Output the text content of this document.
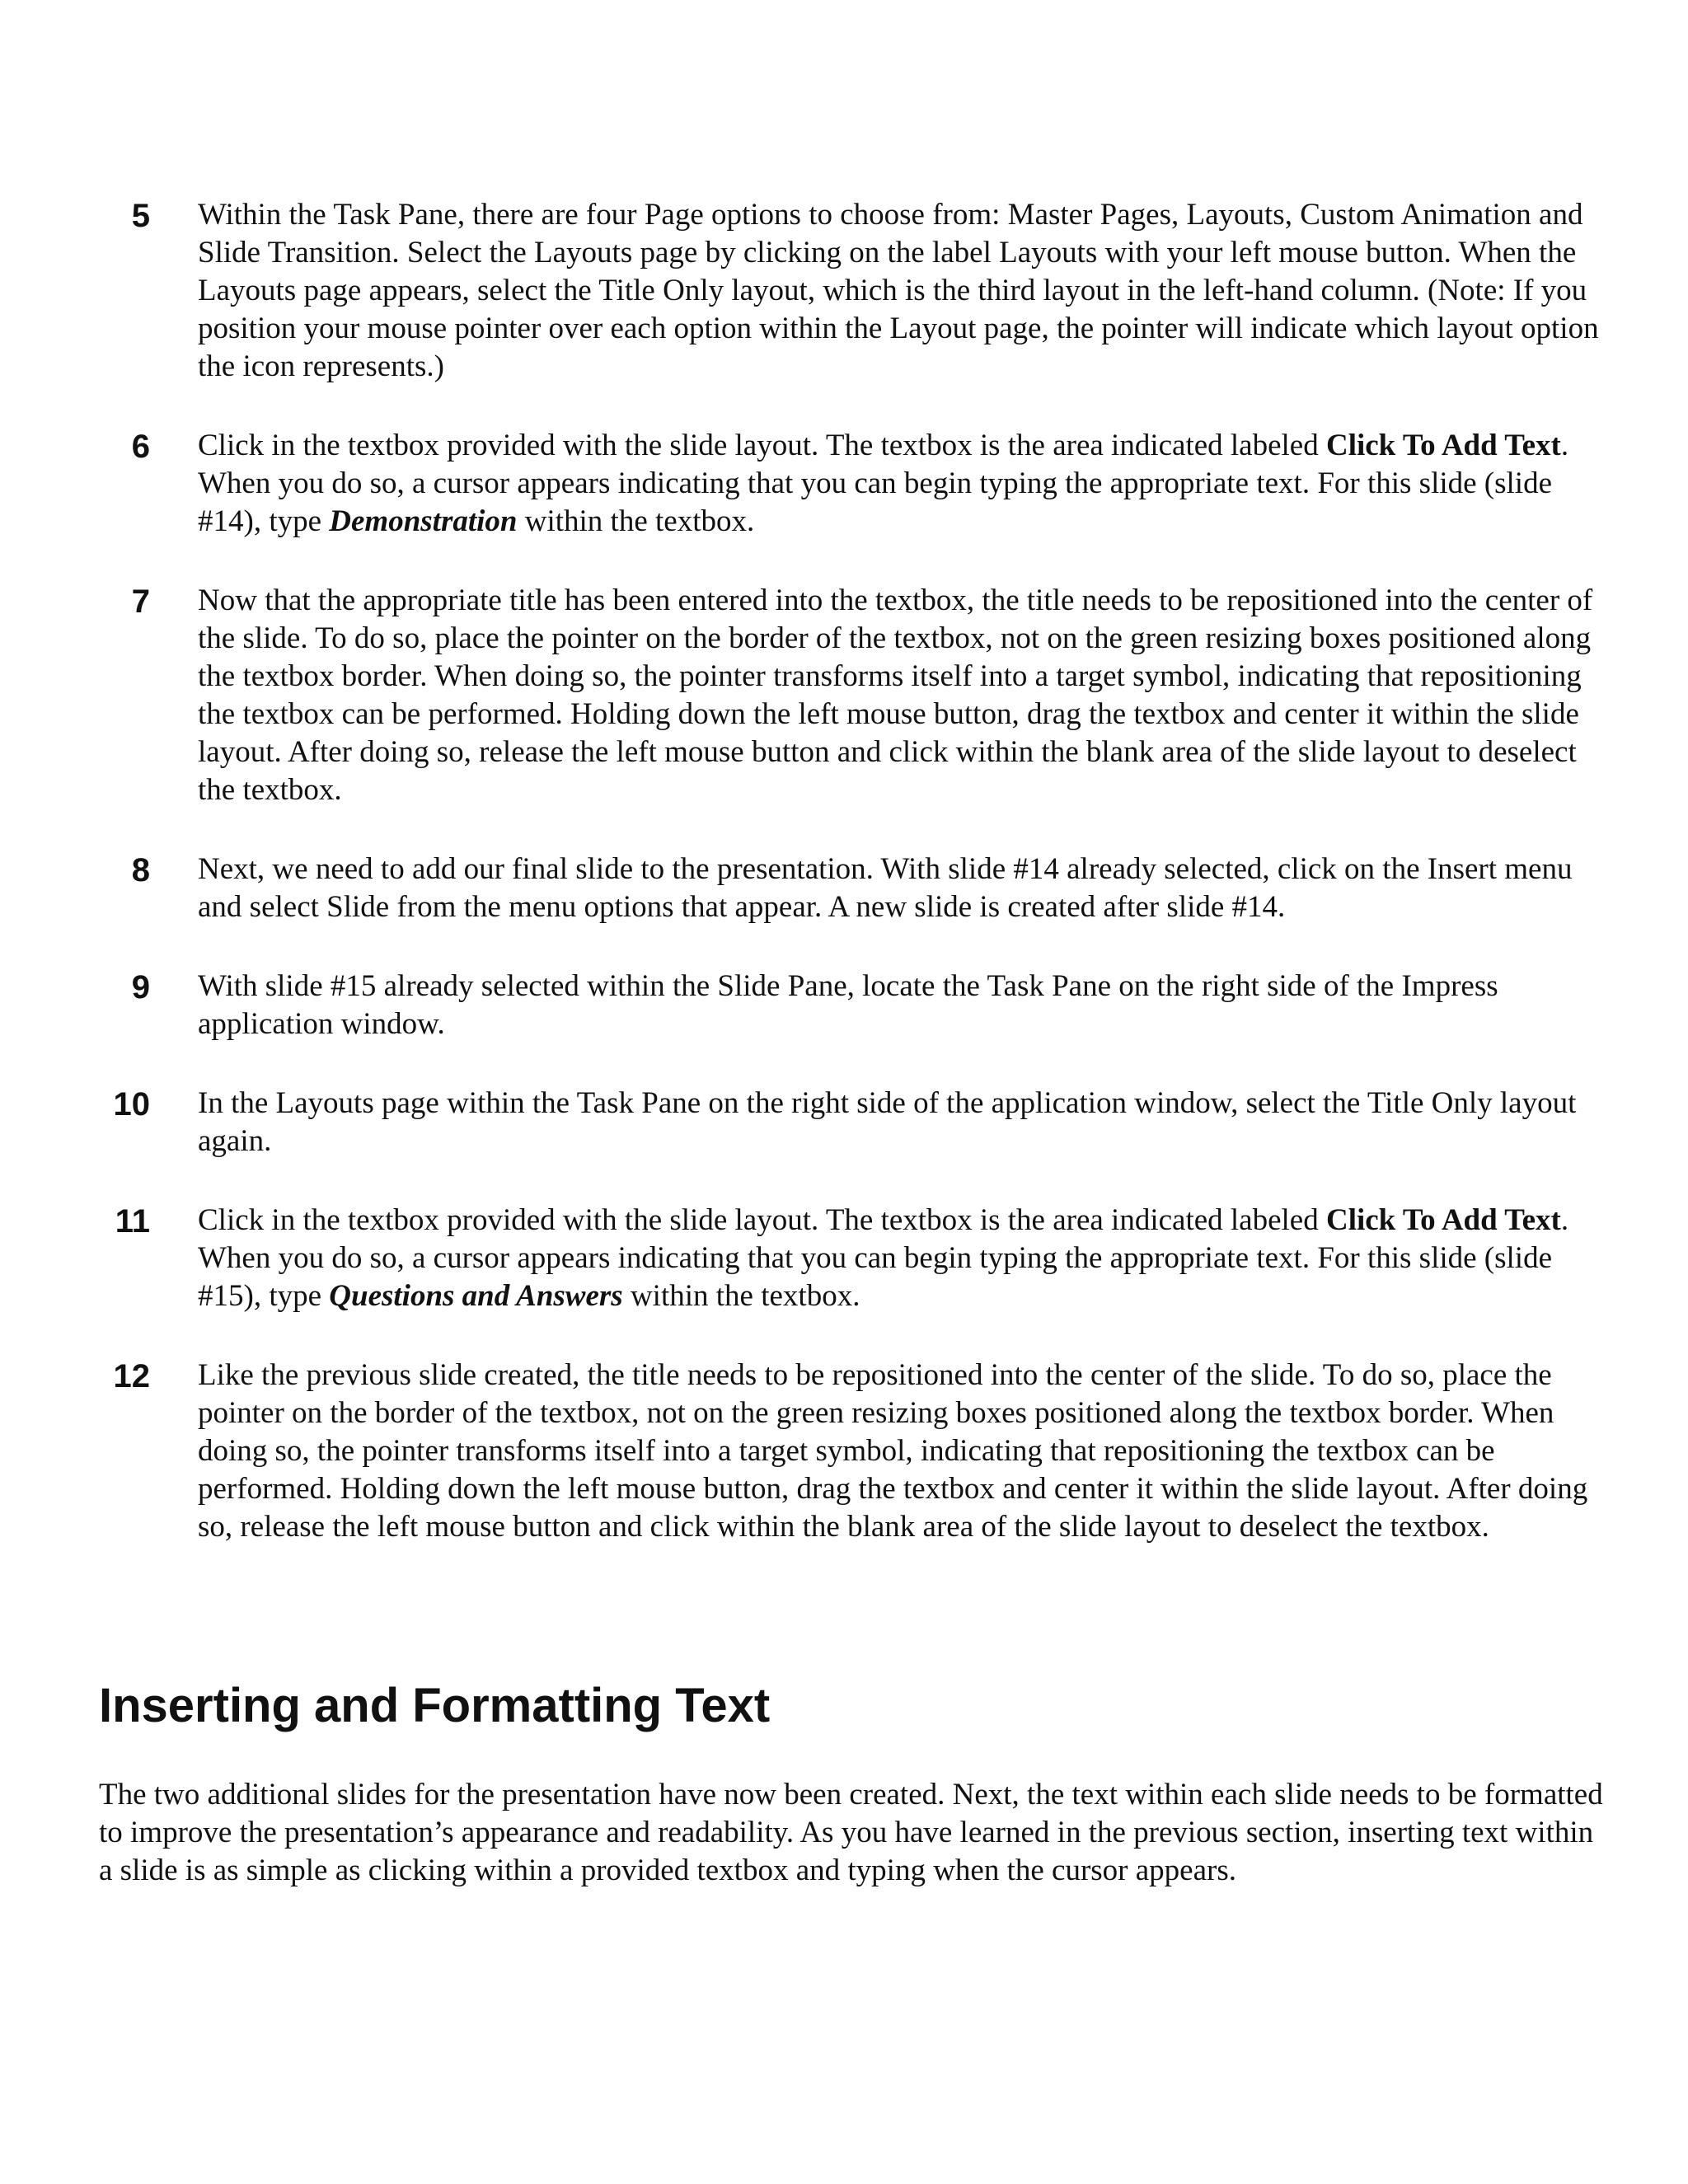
5 Within the Task Pane, there are four Page options to choose from: Master Pages, Layouts, Custom Animation and Slide Transition. Select the Layouts page by clicking on the label Layouts with your left mouse button. When the Layouts page appears, select the Title Only layout, which is the third layout in the left-hand column. (Note: If you position your mouse pointer over each option within the Layout page, the pointer will indicate which layout option the icon represents.)
6 Click in the textbox provided with the slide layout. The textbox is the area indicated labeled Click To Add Text. When you do so, a cursor appears indicating that you can begin typing the appropriate text. For this slide (slide #14), type Demonstration within the textbox.
7 Now that the appropriate title has been entered into the textbox, the title needs to be repositioned into the center of the slide. To do so, place the pointer on the border of the textbox, not on the green resizing boxes positioned along the textbox border. When doing so, the pointer transforms itself into a target symbol, indicating that repositioning the textbox can be performed. Holding down the left mouse button, drag the textbox and center it within the slide layout. After doing so, release the left mouse button and click within the blank area of the slide layout to deselect the textbox.
8 Next, we need to add our final slide to the presentation. With slide #14 already selected, click on the Insert menu and select Slide from the menu options that appear. A new slide is created after slide #14.
9 With slide #15 already selected within the Slide Pane, locate the Task Pane on the right side of the Impress application window.
10 In the Layouts page within the Task Pane on the right side of the application window, select the Title Only layout again.
11 Click in the textbox provided with the slide layout. The textbox is the area indicated labeled Click To Add Text. When you do so, a cursor appears indicating that you can begin typing the appropriate text. For this slide (slide #15), type Questions and Answers within the textbox.
12 Like the previous slide created, the title needs to be repositioned into the center of the slide. To do so, place the pointer on the border of the textbox, not on the green resizing boxes positioned along the textbox border. When doing so, the pointer transforms itself into a target symbol, indicating that repositioning the textbox can be performed. Holding down the left mouse button, drag the textbox and center it within the slide layout. After doing so, release the left mouse button and click within the blank area of the slide layout to deselect the textbox.
Inserting and Formatting Text

The two additional slides for the presentation have now been created. Next, the text within each slide needs to be formatted to improve the presentation’s appearance and readability. As you have learned in the previous section, inserting text within a slide is as simple as clicking within a provided textbox and typing when the cursor appears.
